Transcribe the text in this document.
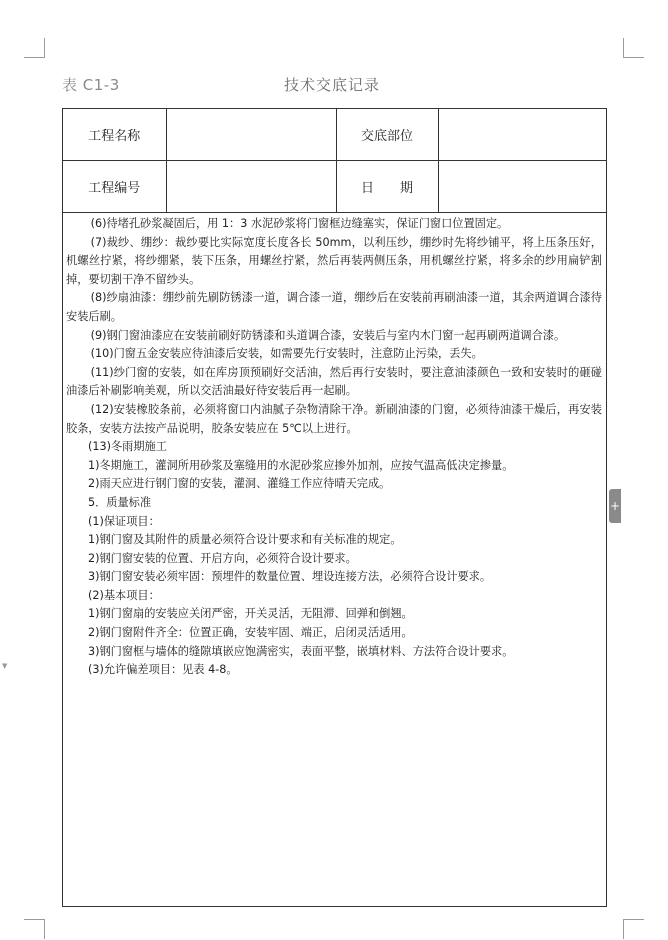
表 C1-3	技术交底记录
工程名称		交底部位	
工程编号		日　　期	

(6)待堵孔砂浆凝固后，用 1：3 水泥砂浆将门窗框边缝塞实，保证门窗口位置固定。

(7)裁纱、绷纱：裁纱要比实际宽度长度各长 50mm，以利压纱，绷纱时先将纱铺平，将上压条压好，机螺丝拧紧，将纱绷紧，装下压条，用螺丝拧紧，然后再装两侧压条，用机螺丝拧紧，将多余的纱用扁铲割掉，要切割干净不留纱头。

(8)纱扇油漆：绷纱前先刷防锈漆一道，调合漆一道，绷纱后在安装前再刷油漆一道，其余两道调合漆待安装后刷。

(9)钢门窗油漆应在安装前刷好防锈漆和头道调合漆，安装后与室内木门窗一起再刷两道调合漆。

(10)门窗五金安装应待油漆后安装，如需要先行安装时，注意防止污染，丢失。

(11)纱门窗的安装，如在库房顶预刷好交活油，然后再行安装时，要注意油漆颜色一致和安装时的砸碰油漆后补刷影响美观，所以交活油最好待安装后再一起刷。

(12)安装橡胶条前，必须将窗口内油腻子杂物清除干净。新刷油漆的门窗，必须待油漆干燥后，再安装胶条，安装方法按产品说明，胶条安装应在 5℃以上进行。

(13)冬雨期施工

1)冬期施工，灌洞所用砂浆及塞缝用的水泥砂浆应掺外加剂，应按气温高低决定掺量。

2)雨天应进行钢门窗的安装，灌洞、灌缝工作应待晴天完成。

5．质量标准

(1)保证项目：

1)钢门窗及其附件的质量必须符合设计要求和有关标准的规定。

2)钢门窗安装的位置、开启方向，必须符合设计要求。

3)钢门窗安装必须牢固：预埋件的数量位置、埋设连接方法，必须符合设计要求。

(2)基本项目：

1)钢门窗扇的安装应关闭严密，开关灵活，无阻滞、回弹和倒翘。

2)钢门窗附件齐全：位置正确，安装牢固、端正，启闭灵活适用。

3)钢门窗框与墙体的缝隙填嵌应饱满密实，表面平整，嵌填材料、方法符合设计要求。

(3)允许偏差项目：见表 4-8。

+
▼
